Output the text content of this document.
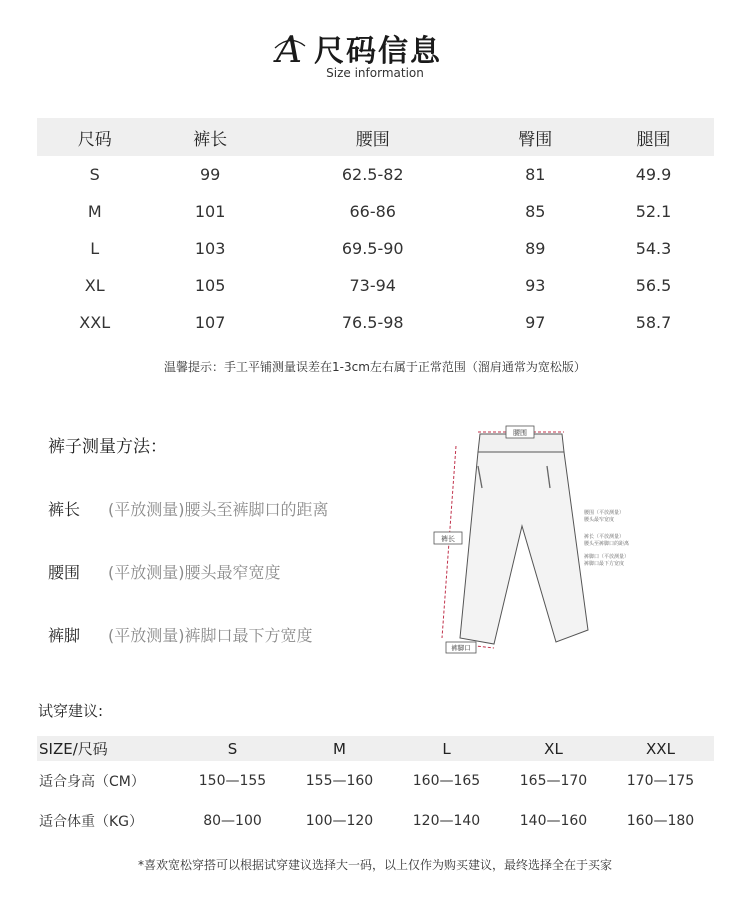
A 尺码信息
Size information
尺码	裤长	腰围	臀围	腿围
S	99	62.5-82	81	49.9
M	101	66-86	85	52.1
L	103	69.5-90	89	54.3
XL	105	73-94	93	56.5
XXL	107	76.5-98	97	58.7
温馨提示：手工平铺测量误差在1-3cm左右属于正常范围（溜肩通常为宽松版）
裤子测量方法：
裤长 (平放测量)腰头至裤脚口的距离
腰围 (平放测量)腰头最窄宽度
裤脚 (平放测量)裤脚口最下方宽度
腰围
裤长
裤脚口
腰围（平放测量）
腰头最窄宽度
裤长（平放测量）
腰头至裤脚口的距离
裤脚口（平放测量）
裤脚口最下方宽度
试穿建议:
SIZE/尺码	S	M	L	XL	XXL
适合身高（CM）	150—155	155—160	160—165	165—170	170—175
适合体重（KG）	80—100	100—120	120—140	140—160	160—180
*喜欢宽松穿搭可以根据试穿建议选择大一码，以上仅作为购买建议，最终选择全在于买家
